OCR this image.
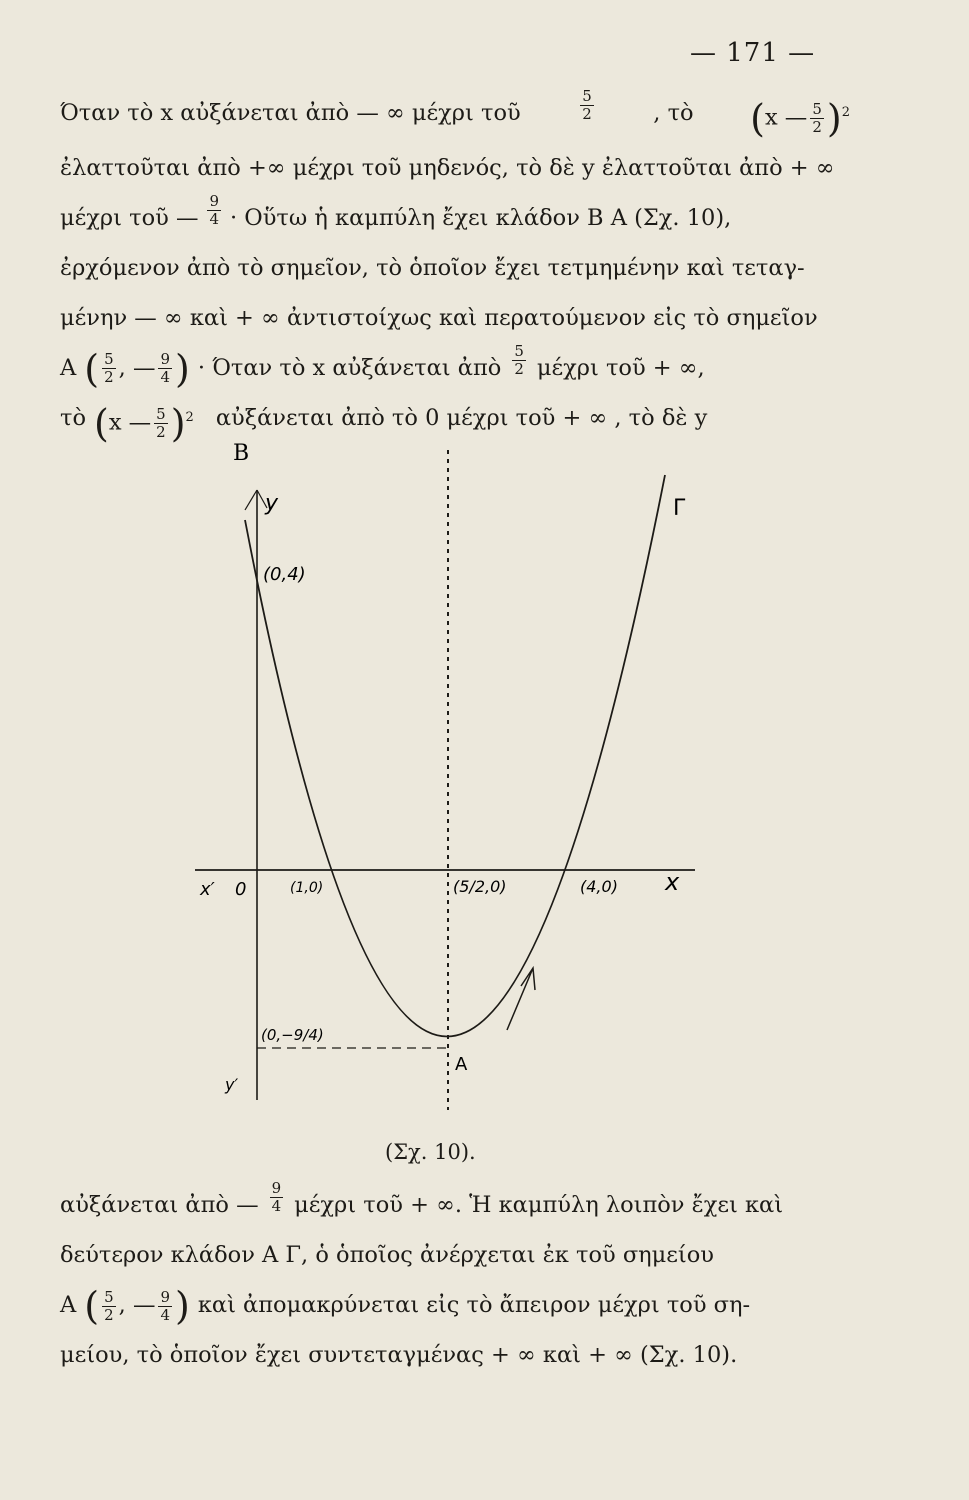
— 171 —
Όταν τὸ x αὐξάνεται ἀπὸ — ∞ μέχρι τοῦ	$\frac{5}{2}$	, τὸ (x — $\frac{5}{2} )^2$
ἐλαττοῦται ἀπὸ +∞ μέχρι τοῦ μηδενός, τὸ δὲ y ἐλαττοῦται ἀπὸ + ∞
μέχρι τοῦ — $\frac{9}{4}$ · Οὕτω ἡ καμπύλη ἔχει κλάδον B A (Σχ. 10),
ἐρχόμενον ἀπὸ τὸ σημεῖον, τὸ ὁποῖον ἔχει τετμημένην καὶ τεταγ-
μένην — ∞ καὶ + ∞ ἀντιστοίχως καὶ περατούμενον εἰς τὸ σημεῖον
A ( $\frac{5}{2}$ , — $\frac{9}{4}$ ) · Όταν τὸ x αὐξάνεται ἀπὸ $\frac{5}{2}$ μέχρι τοῦ + ∞,
τὸ (x — $\frac{5}{2} )^2$ αὐξάνεται ἀπὸ τὸ 0 μέχρι τοῦ + ∞ , τὸ δὲ y
B
y	Γ
x
x′ 0
y′
A
(0,4)
(1,0)	(5/2,0)	(4,0)
(0,−9/4)
(Σχ. 10).
αὐξάνεται ἀπὸ — $\frac{9}{4}$ μέχρι τοῦ + ∞. Ἡ καμπύλη λοιπὸν ἔχει καὶ
δεύτερον κλάδον A Γ, ὁ ὁποῖος ἀνέρχεται ἐκ τοῦ σημείου
A ( $\frac{5}{2}$ , — $\frac{9}{4}$ ) καὶ ἀπομακρύνεται εἰς τὸ ἄπειρον μέχρι τοῦ ση-
μείου, τὸ ὁποῖον ἔχει συντεταγμένας + ∞ καὶ + ∞ (Σχ. 10).
